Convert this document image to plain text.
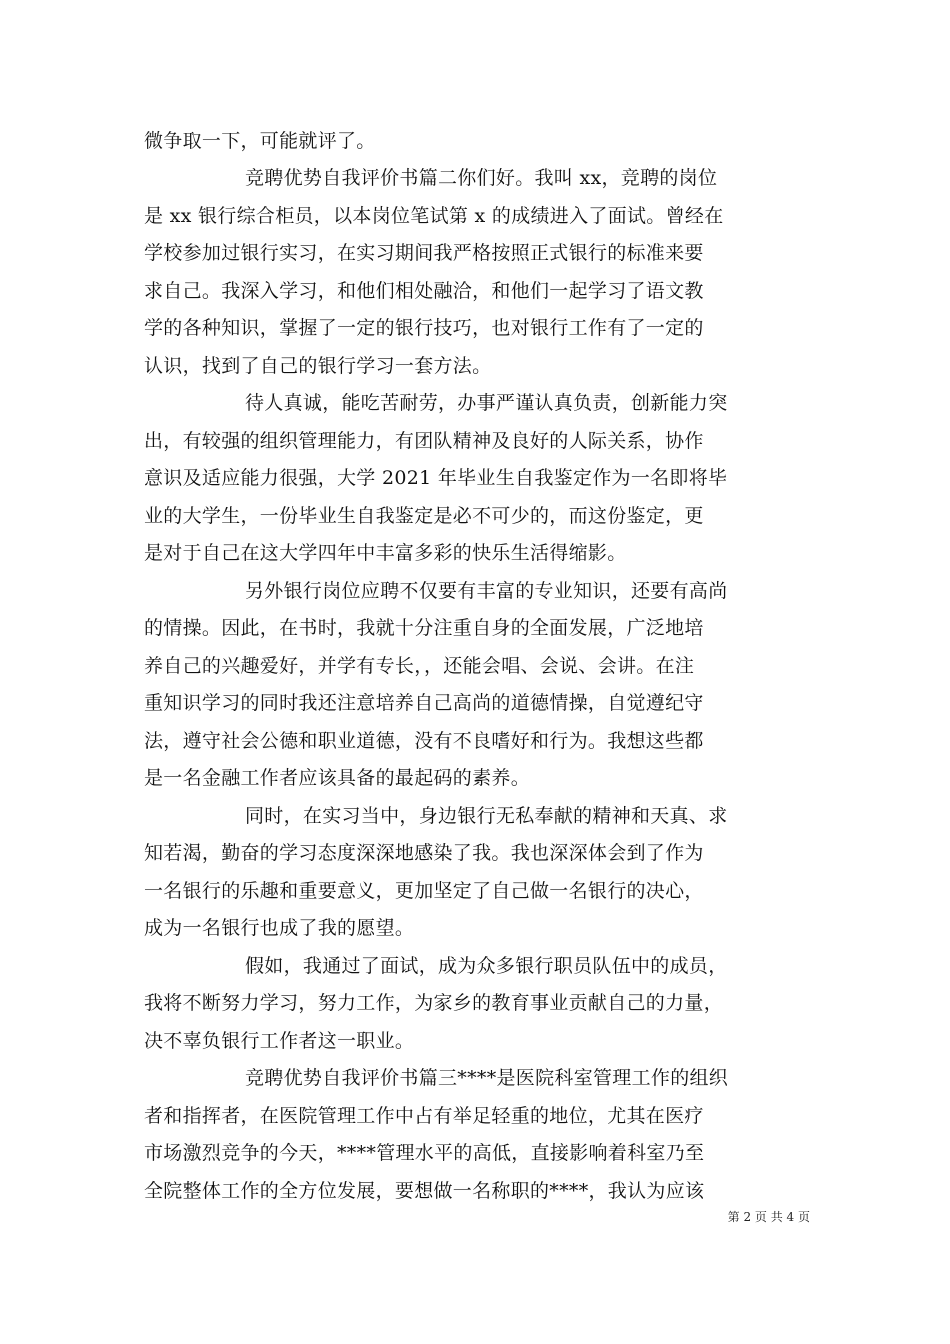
微争取一下，可能就评了。
竞聘优势自我评价书篇二你们好。我叫 xx，竞聘的岗位
是 xx 银行综合柜员，以本岗位笔试第 x 的成绩进入了面试。曾经在
学校参加过银行实习，在实习期间我严格按照正式银行的标准来要
求自己。我深入学习，和他们相处融洽，和他们一起学习了语文教
学的各种知识，掌握了一定的银行技巧，也对银行工作有了一定的
认识，找到了自己的银行学习一套方法。
待人真诚，能吃苦耐劳，办事严谨认真负责，创新能力突
出，有较强的组织管理能力，有团队精神及良好的人际关系，协作
意识及适应能力很强，大学 2021 年毕业生自我鉴定作为一名即将毕
业的大学生，一份毕业生自我鉴定是必不可少的，而这份鉴定，更
是对于自己在这大学四年中丰富多彩的快乐生活得缩影。
另外银行岗位应聘不仅要有丰富的专业知识，还要有高尚
的情操。因此，在书时，我就十分注重自身的全面发展，广泛地培
养自己的兴趣爱好，并学有专长，，还能会唱、会说、会讲。在注
重知识学习的同时我还注意培养自己高尚的道德情操，自觉遵纪守
法，遵守社会公德和职业道德，没有不良嗜好和行为。我想这些都
是一名金融工作者应该具备的最起码的素养。
同时，在实习当中，身边银行无私奉献的精神和天真、求
知若渴，勤奋的学习态度深深地感染了我。我也深深体会到了作为
一名银行的乐趣和重要意义，更加坚定了自己做一名银行的决心，
成为一名银行也成了我的愿望。
假如，我通过了面试，成为众多银行职员队伍中的成员，
我将不断努力学习，努力工作，为家乡的教育事业贡献自己的力量，
决不辜负银行工作者这一职业。
竞聘优势自我评价书篇三****是医院科室管理工作的组织
者和指挥者，在医院管理工作中占有举足轻重的地位，尤其在医疗
市场激烈竞争的今天，****管理水平的高低，直接影响着科室乃至
全院整体工作的全方位发展，要想做一名称职的****，我认为应该
第 2 页 共 4 页
